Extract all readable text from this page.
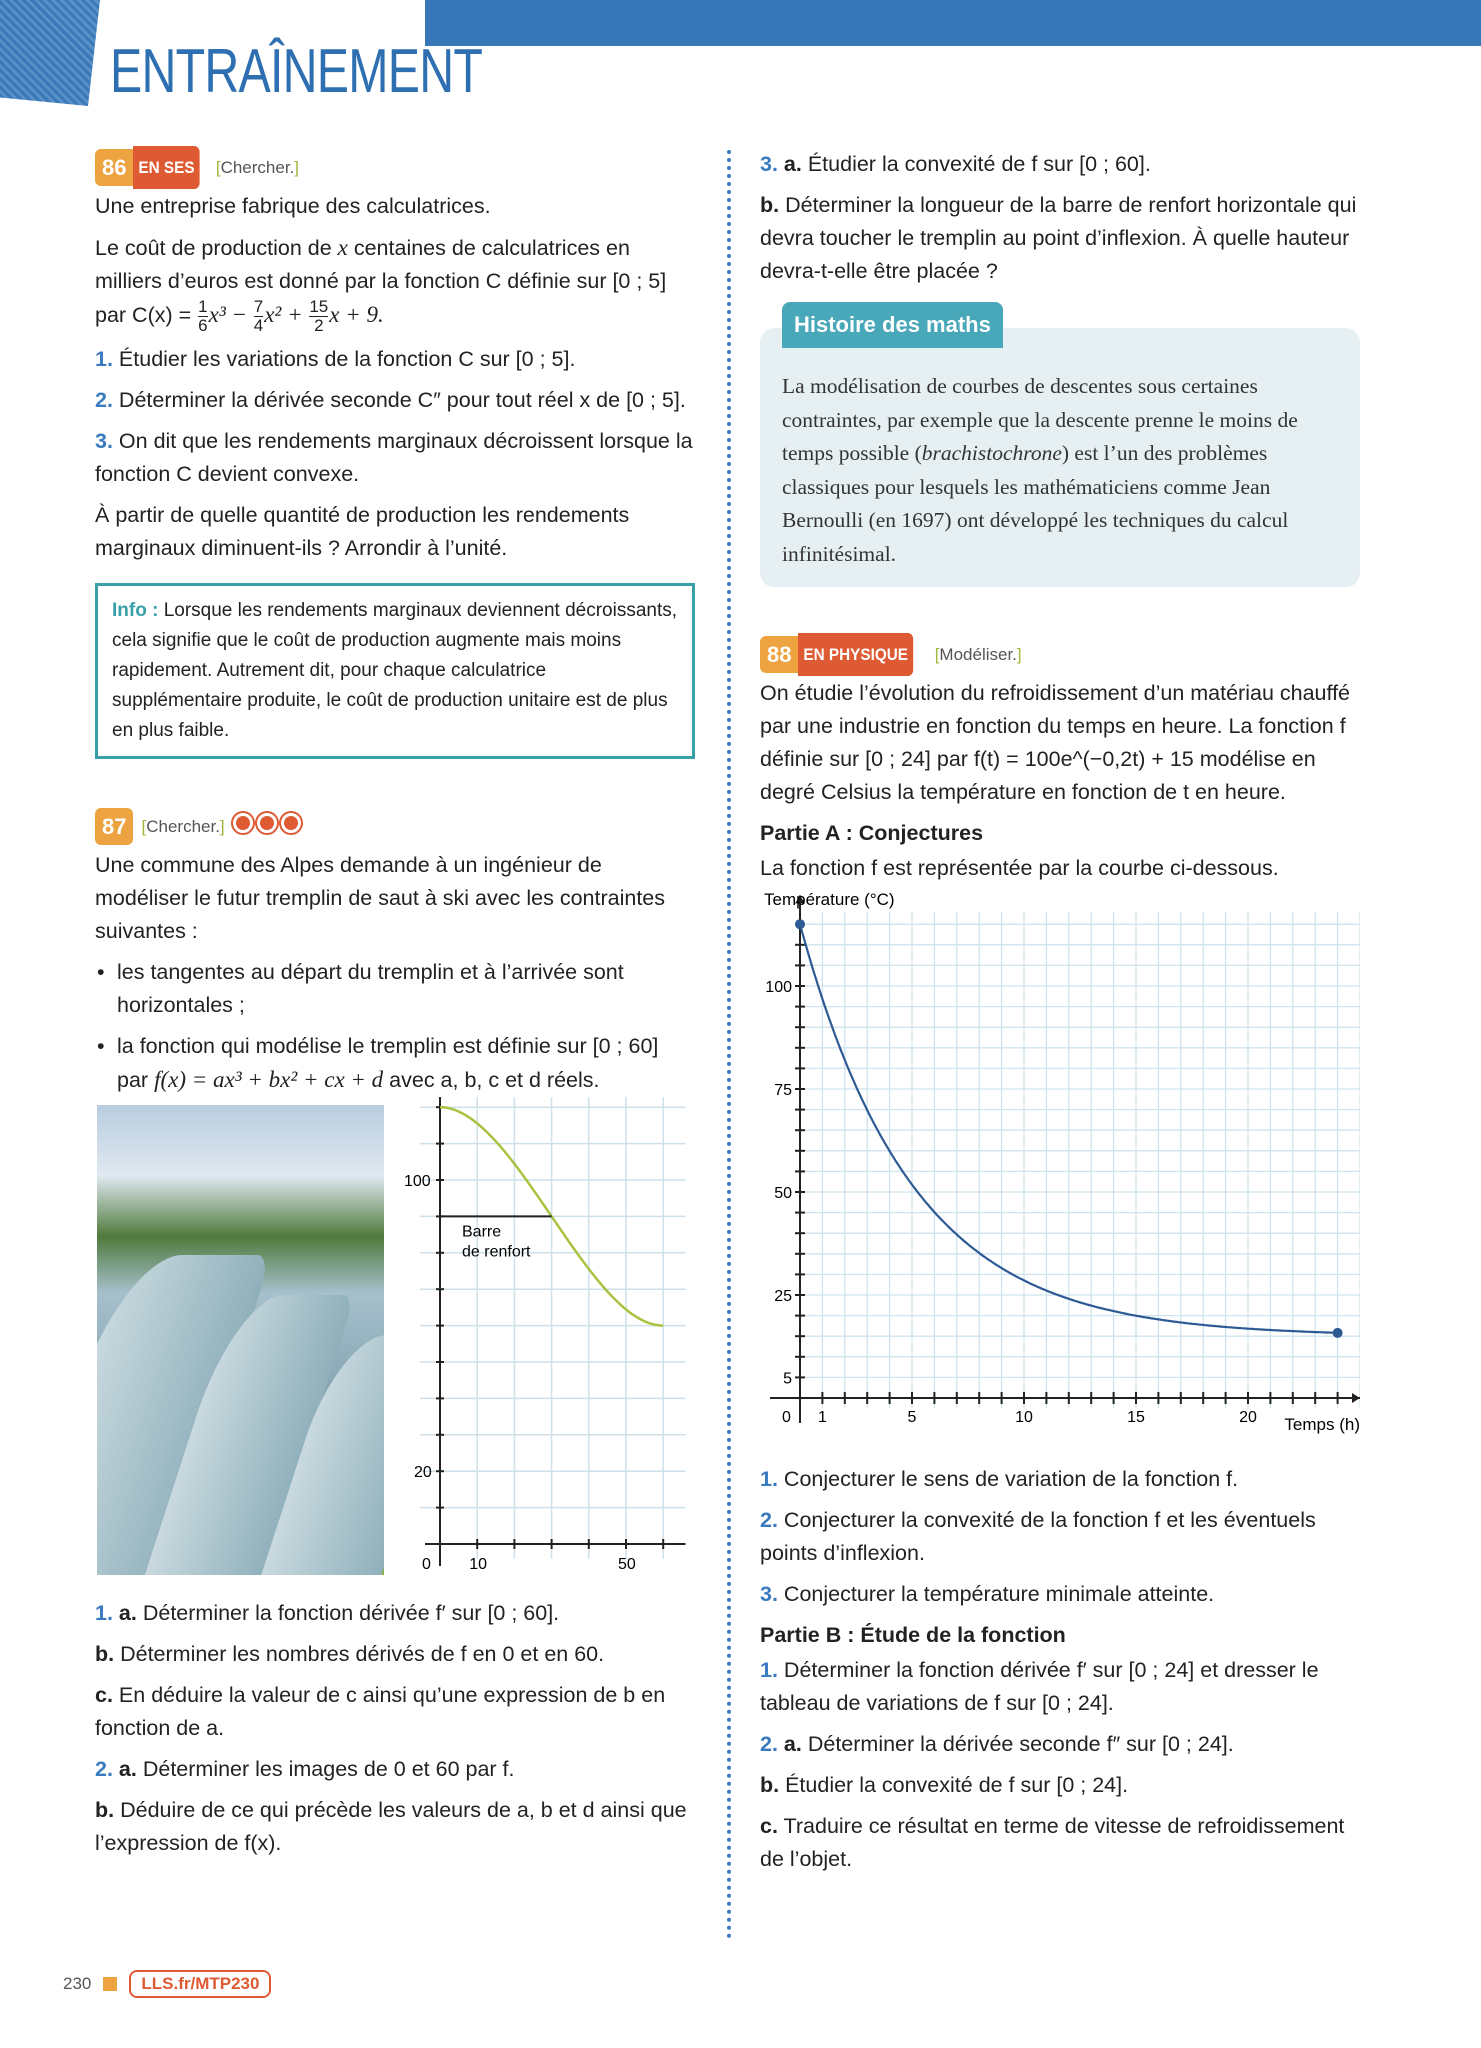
ENTRAÎNEMENT
86 EN SES	[Chercher.]

Une entreprise fabrique des calculatrices.

Le coût de production de x centaines de calculatrices en milliers d’euros est donné par la fonction C définie sur [0 ; 5] par $C(x) = \frac{1}{6} x^3 - \frac{7}{4} x^2 + \frac{15}{2}$ x + 9.

1. Étudier les variations de la fonction C sur [0 ; 5].

2. Déterminer la dérivée seconde C″ pour tout réel x de [0 ; 5].

3. On dit que les rendements marginaux décroissent lorsque la fonction C devient convexe.

À partir de quelle quantité de production les rendements marginaux diminuent-ils ? Arrondir à l’unité.

Info : Lorsque les rendements marginaux deviennent décroissants, cela signifie que le coût de production augmente mais moins rapidement. Autrement dit, pour chaque calculatrice supplémentaire produite, le coût de production unitaire est de plus en plus faible.
87 [Chercher.]

Une commune des Alpes demande à un ingénieur de modéliser le futur tremplin de saut à ski avec les contraintes suivantes :

• les tangentes au départ du tremplin et à l’arrivée sont horizontales ;
• la fonction qui modélise le tremplin est définie sur [0 ; 60] par f(x) = ax³ + bx² + cx + d avec a, b, c et d réels.
0 10	50
100
20
Barre
de renfort

1. a. Déterminer la fonction dérivée f′ sur [0 ; 60].

b. Déterminer les nombres dérivés de f en 0 et en 60.

c. En déduire la valeur de c ainsi qu’une expression de b en fonction de a.

2. a. Déterminer les images de 0 et 60 par f.

b. Déduire de ce qui précède les valeurs de a, b et d ainsi que l’expression de f(x).

3. a. Étudier la convexité de f sur [0 ; 60].

b. Déterminer la longueur de la barre de renfort horizontale qui devra toucher le tremplin au point d’inflexion. À quelle hauteur devra-t-elle être placée ?

Histoire des maths
La modélisation de courbes de descentes sous certaines contraintes, par exemple que la descente prenne le moins de temps possible (brachistochrone) est l’un des problèmes classiques pour lesquels les mathématiciens comme Jean Bernoulli (en 1697) ont développé les techniques du calcul infinitésimal.
88 EN PHYSIQUE	[Modéliser.]

On étudie l’évolution du refroidissement d’un matériau chauffé par une industrie en fonction du temps en heure. La fonction f définie sur [0 ; 24] par f(t) = 100e^(−0,2t) + 15 modélise en degré Celsius la température en fonction de t en heure.

Partie A : Conjectures

La fonction f est représentée par la courbe ci-dessous.

Température (°C)
5
25
50
75
100
0 1	5	10	15	20 Temps (h)

1. Conjecturer le sens de variation de la fonction f.

2. Conjecturer la convexité de la fonction f et les éventuels points d’inflexion.

3. Conjecturer la température minimale atteinte.

Partie B : Étude de la fonction

1. Déterminer la fonction dérivée f′ sur [0 ; 24] et dresser le tableau de variations de f sur [0 ; 24].

2. a. Déterminer la dérivée seconde f″ sur [0 ; 24].

b. Étudier la convexité de f sur [0 ; 24].

c. Traduire ce résultat en terme de vitesse de refroidissement de l’objet.

230	LLS.fr/MTP230
